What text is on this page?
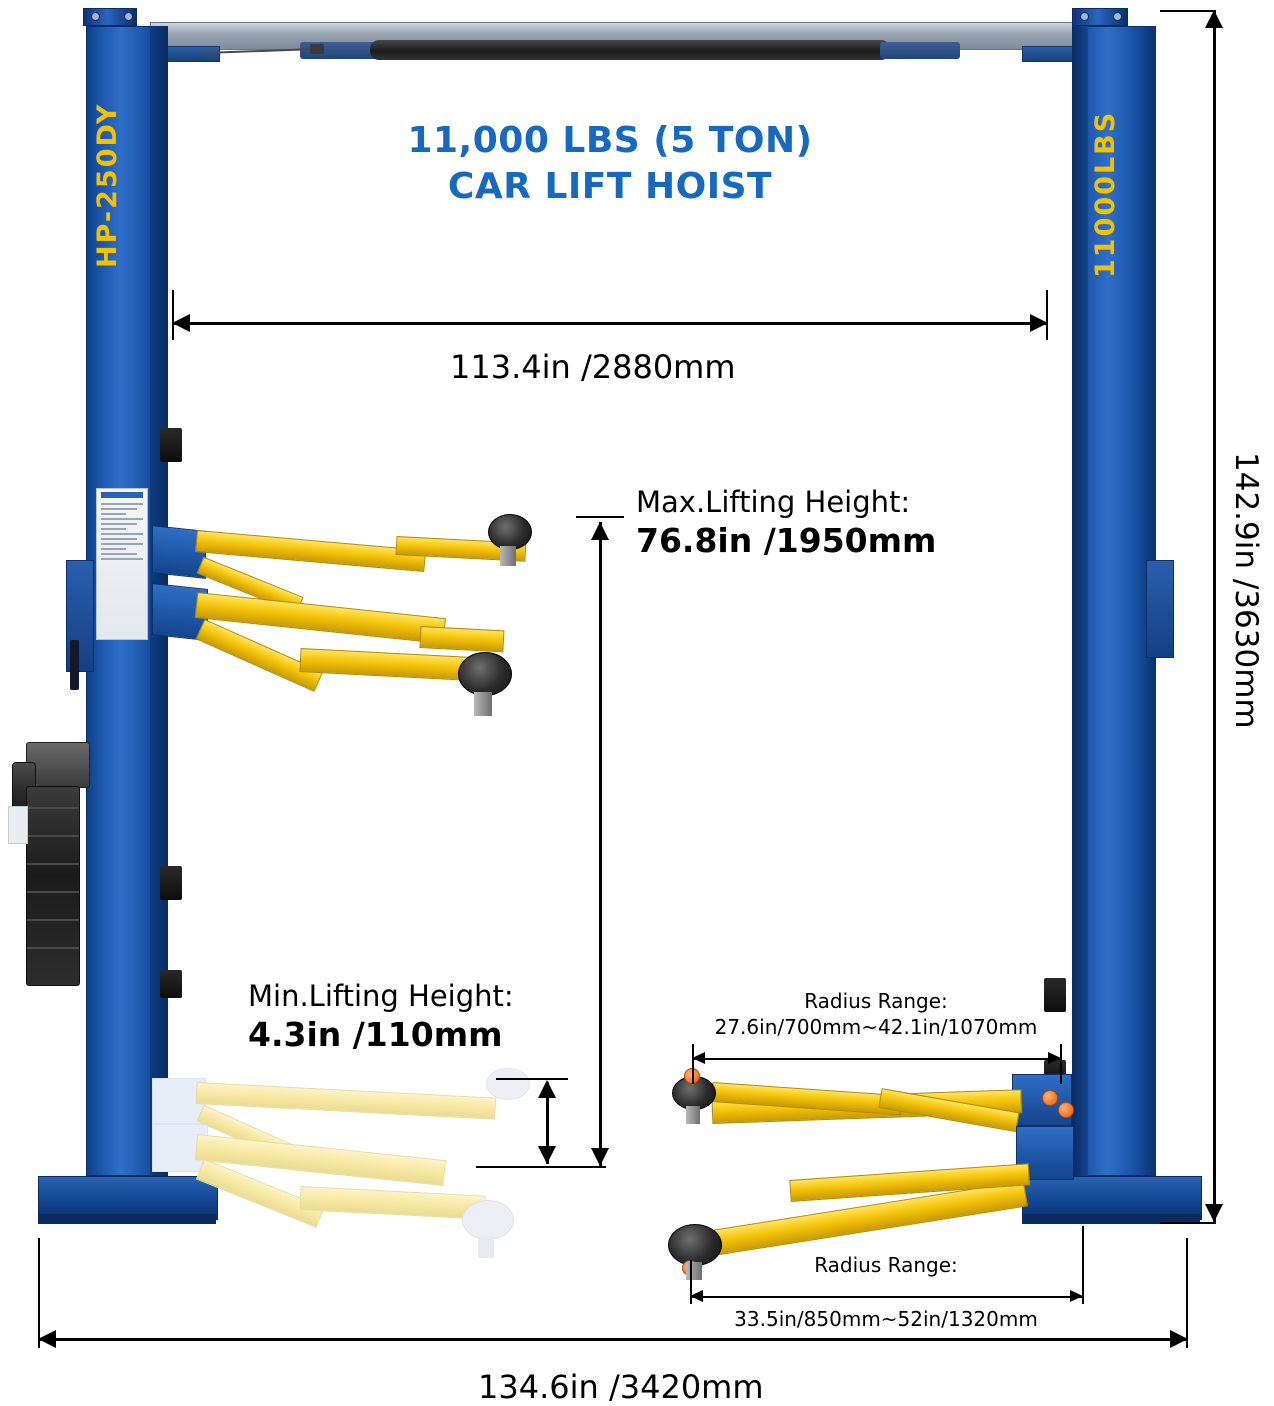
11,000 LBS (5 TON)
CAR LIFT HOIST
HP-250DY	11000LBS
113.4in /2880mm
142.9in /3630mm
134.6in /3420mm
Max.Lifting Height:
76.8in /1950mm
Min.Lifting Height:
4.3in /110mm
Radius Range:
27.6in/700mm~42.1in/1070mm
Radius Range:
33.5in/850mm~52in/1320mm
